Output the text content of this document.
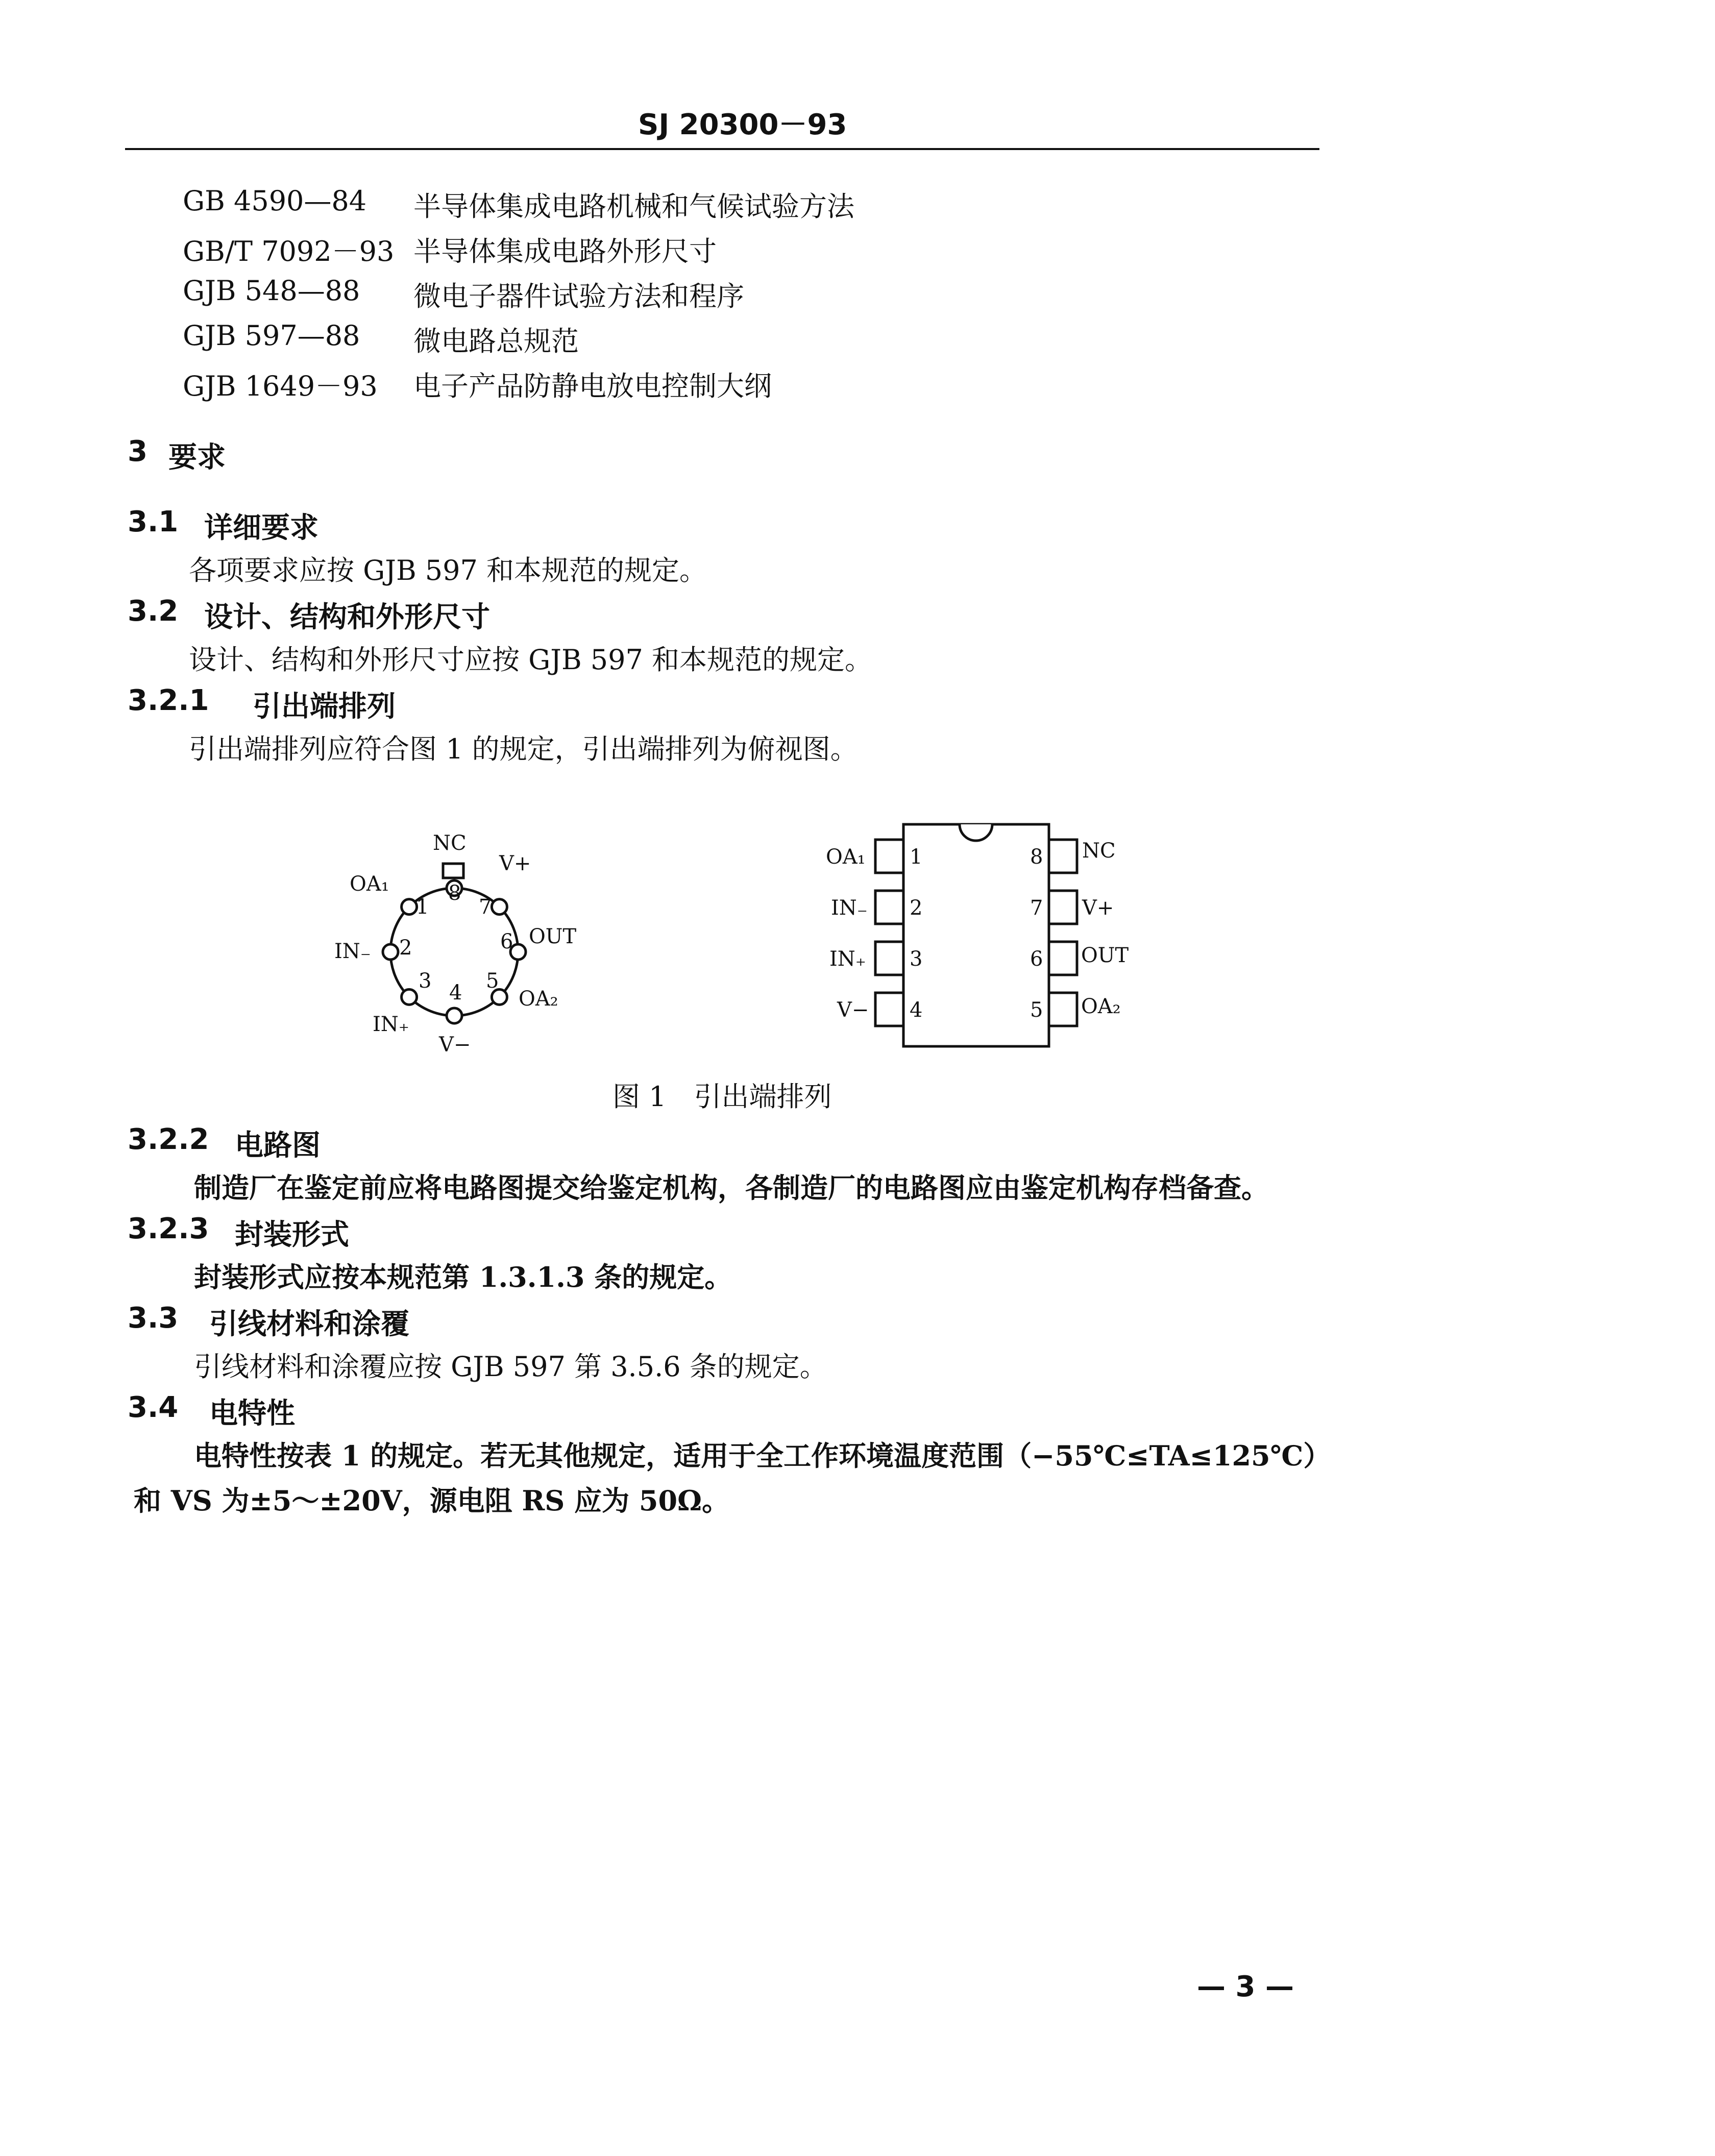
SJ 20300－93
GB 4590—84 半导体集成电路机械和气候试验方法
GB/T 7092－93 半导体集成电路外形尺寸
GJB 548—88 微电子器件试验方法和程序
GJB 597—88 微电路总规范
GJB 1649－93 电子产品防静电放电控制大纲
3 要求
3.1 详细要求
各项要求应按 GJB 597 和本规范的规定。
3.2 设计、结构和外形尺寸
设计、结构和外形尺寸应按 GJB 597 和本规范的规定。
3.2.1 引出端排列
引出端排列应符合图 1 的规定，引出端排列为俯视图。
8
1 7
2	6
3 4 5
NC
V+
OA₁
IN₋
OUT
OA₂
IN₊
V−
1
2
3
4
8
7
6
5
OA₁
IN₋
IN₊
V−
NC
V+
OUT
OA₂
图 1　引出端排列
3.2.2 电路图
制造厂在鉴定前应将电路图提交给鉴定机构，各制造厂的电路图应由鉴定机构存档备查。
3.2.3 封装形式
封装形式应按本规范第 1.3.1.3 条的规定。
3.3 引线材料和涂覆
引线材料和涂覆应按 GJB 597 第 3.5.6 条的规定。
3.4 电特性
电特性按表 1 的规定。若无其他规定，适用于全工作环境温度范围（−55℃≤TA≤125℃）
和 VS 为±5～±20V，源电阻 RS 应为 50Ω。
— 3 —
